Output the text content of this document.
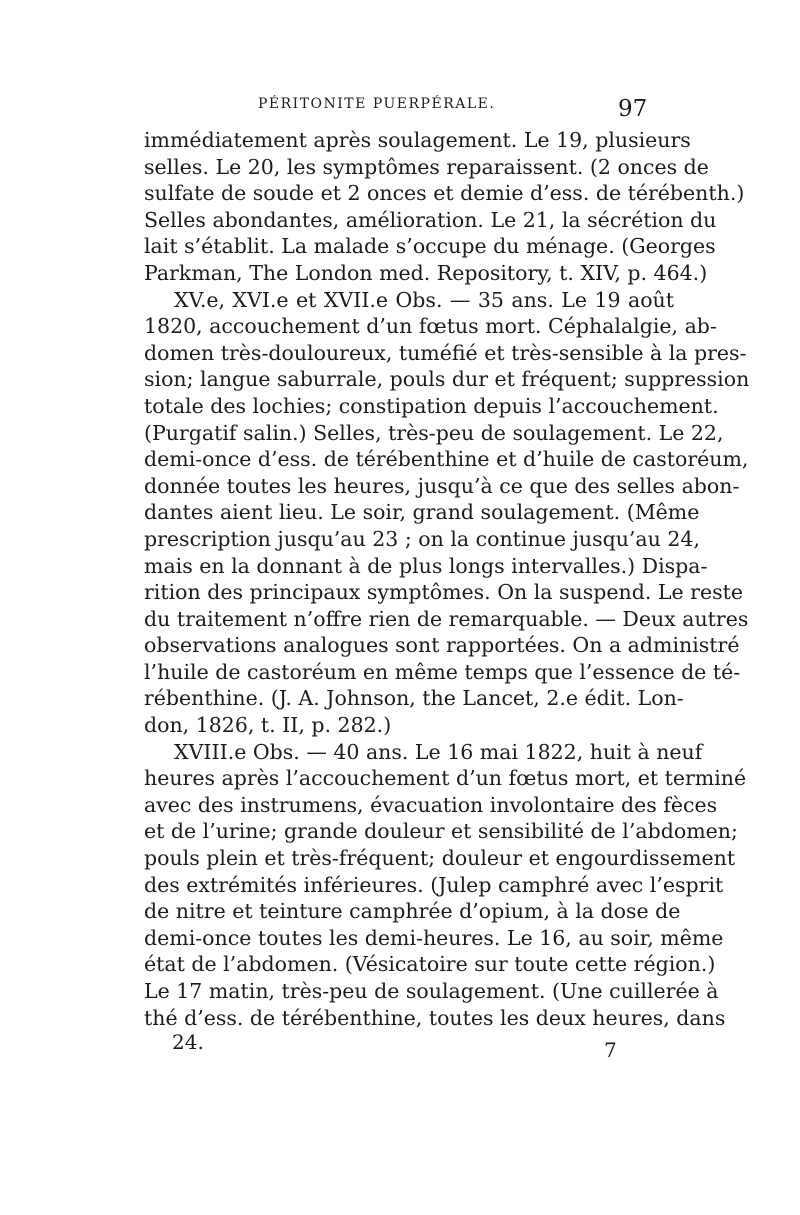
PÉRITONITE PUERPÉRALE.	97
immédiatement après soulagement. Le 19, plusieurs
selles. Le 20, les symptômes reparaissent. (2 onces de
sulfate de soude et 2 onces et demie d’ess. de térébenth.)
Selles abondantes, amélioration. Le 21, la sécrétion du
lait s’établit. La malade s’occupe du ménage. (Georges
Parkman, The London med. Repository, t. XIV, p. 464.)
XV.e, XVI.e et XVII.e Obs. — 35 ans. Le 19 août
1820, accouchement d’un fœtus mort. Céphalalgie, ab-
domen très-douloureux, tuméfié et très-sensible à la pres-
sion; langue saburrale, pouls dur et fréquent; suppression
totale des lochies; constipation depuis l’accouchement.
(Purgatif salin.) Selles, très-peu de soulagement. Le 22,
demi-once d’ess. de térébenthine et d’huile de castoréum,
donnée toutes les heures, jusqu’à ce que des selles abon-
dantes aient lieu. Le soir, grand soulagement. (Même
prescription jusqu’au 23 ; on la continue jusqu’au 24,
mais en la donnant à de plus longs intervalles.) Dispa-
rition des principaux symptômes. On la suspend. Le reste
du traitement n’offre rien de remarquable. — Deux autres
observations analogues sont rapportées. On a administré
l’huile de castoréum en même temps que l’essence de té-
rébenthine. (J. A. Johnson, the Lancet, 2.e édit. Lon-
don, 1826, t. II, p. 282.)
XVIII.e Obs. — 40 ans. Le 16 mai 1822, huit à neuf
heures après l’accouchement d’un fœtus mort, et terminé
avec des instrumens, évacuation involontaire des fèces
et de l’urine; grande douleur et sensibilité de l’abdomen;
pouls plein et très-fréquent; douleur et engourdissement
des extrémités inférieures. (Julep camphré avec l’esprit
de nitre et teinture camphrée d’opium, à la dose de
demi-once toutes les demi-heures. Le 16, au soir, même
état de l’abdomen. (Vésicatoire sur toute cette région.)
Le 17 matin, très-peu de soulagement. (Une cuillerée à
thé d’ess. de térébenthine, toutes les deux heures, dans
24.	7
